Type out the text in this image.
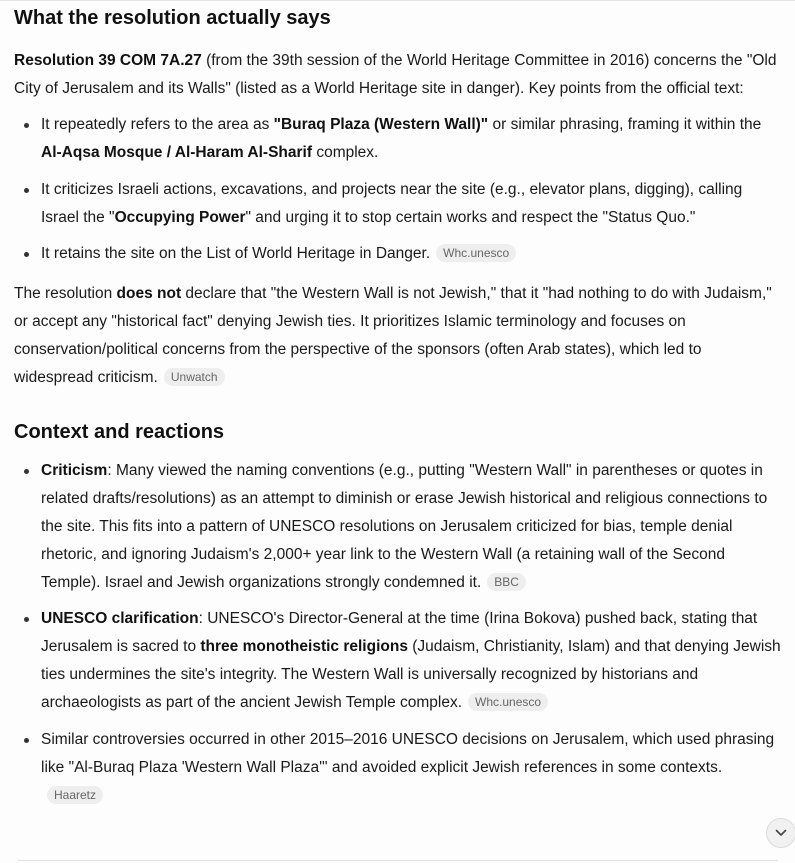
What the resolution actually says

Resolution 39 COM 7A.27 (from the 39th session of the World Heritage Committee in 2016) concerns the "Old City of Jerusalem and its Walls" (listed as a World Heritage site in danger). Key points from the official text:

It repeatedly refers to the area as "Buraq Plaza (Western Wall)" or similar phrasing, framing it within the Al-Aqsa Mosque / Al-Haram Al-Sharif complex.
It criticizes Israeli actions, excavations, and projects near the site (e.g., elevator plans, digging), calling Israel the "Occupying Power" and urging it to stop certain works and respect the "Status Quo."
It retains the site on the List of World Heritage in Danger. Whc.unesco

The resolution does not declare that "the Western Wall is not Jewish," that it "had nothing to do with Judaism," or accept any "historical fact" denying Jewish ties. It prioritizes Islamic terminology and focuses on conservation/political concerns from the perspective of the sponsors (often Arab states), which led to widespread criticism. Unwatch

Context and reactions
Criticism: Many viewed the naming conventions (e.g., putting "Western Wall" in parentheses or quotes in related drafts/resolutions) as an attempt to diminish or erase Jewish historical and religious connections to the site. This fits into a pattern of UNESCO resolutions on Jerusalem criticized for bias, temple denial rhetoric, and ignoring Judaism's 2,000+ year link to the Western Wall (a retaining wall of the Second Temple). Israel and Jewish organizations strongly condemned it. BBC
UNESCO clarification: UNESCO's Director-General at the time (Irina Bokova) pushed back, stating that Jerusalem is sacred to three monotheistic religions (Judaism, Christianity, Islam) and that denying Jewish ties undermines the site's integrity. The Western Wall is universally recognized by historians and archaeologists as part of the ancient Jewish Temple complex. Whc.unesco
Similar controversies occurred in other 2015–2016 UNESCO decisions on Jerusalem, which used phrasing like "Al-Buraq Plaza 'Western Wall Plaza'" and avoided explicit Jewish references in some contexts.Haaretz
